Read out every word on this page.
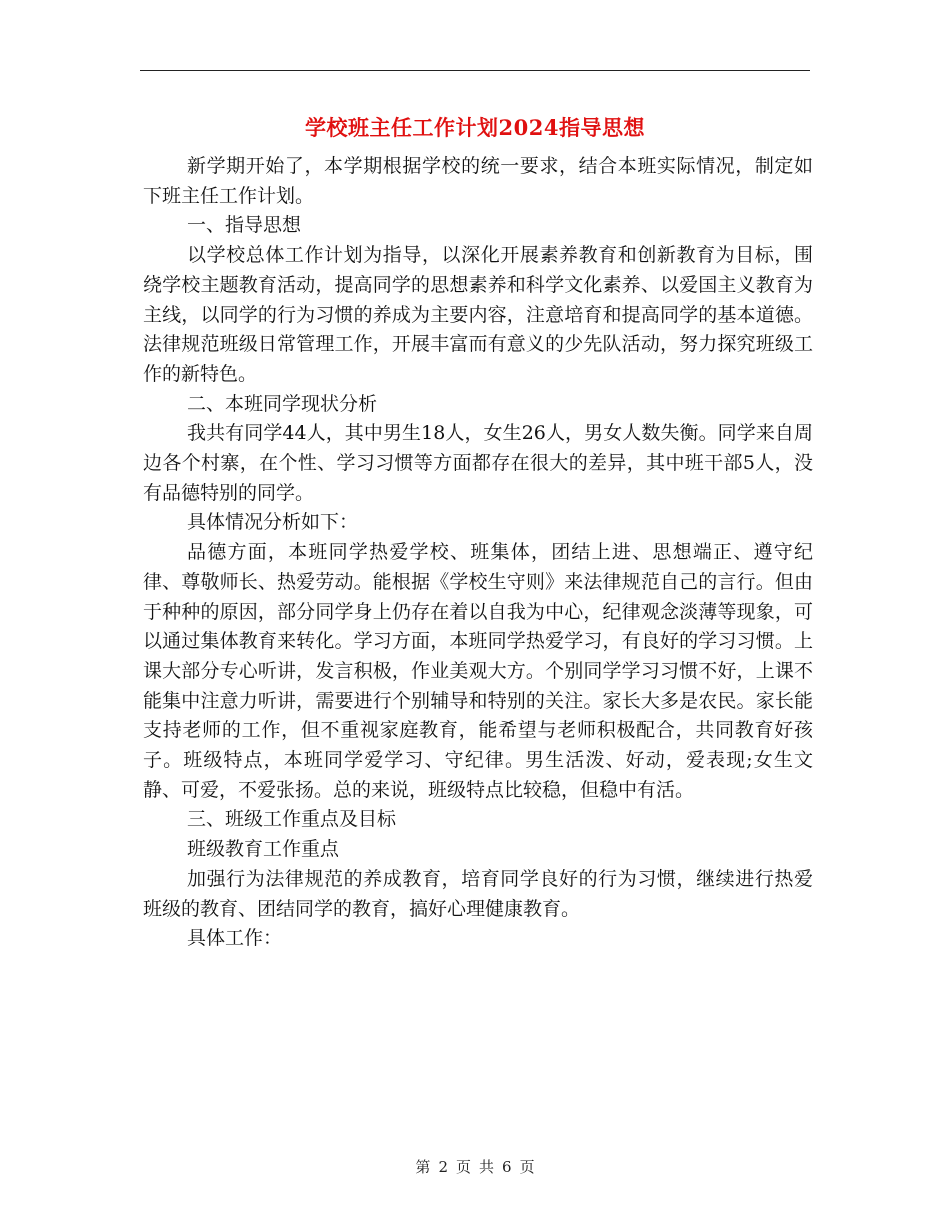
学校班主任工作计划2024指导思想

新学期开始了，本学期根据学校的统一要求，结合本班实际情况，制定如下班主任工作计划。

一、指导思想

以学校总体工作计划为指导，以深化开展素养教育和创新教育为目标，围绕学校主题教育活动，提高同学的思想素养和科学文化素养、以爱国主义教育为主线，以同学的行为习惯的养成为主要内容，注意培育和提高同学的基本道德。法律规范班级日常管理工作，开展丰富而有意义的少先队活动，努力探究班级工作的新特色。

二、本班同学现状分析

我共有同学44人，其中男生18人，女生26人，男女人数失衡。同学来自周边各个村寨，在个性、学习习惯等方面都存在很大的差异，其中班干部5人，没有品德特别的同学。

具体情况分析如下：

品德方面，本班同学热爱学校、班集体，团结上进、思想端正、遵守纪律、尊敬师长、热爱劳动。能根据《学校生守则》来法律规范自己的言行。但由于种种的原因，部分同学身上仍存在着以自我为中心，纪律观念淡薄等现象，可以通过集体教育来转化。学习方面，本班同学热爱学习，有良好的学习习惯。上课大部分专心听讲，发言积极，作业美观大方。个别同学学习习惯不好，上课不能集中注意力听讲，需要进行个别辅导和特别的关注。家长大多是农民。家长能支持老师的工作，但不重视家庭教育，能希望与老师积极配合，共同教育好孩子。班级特点，本班同学爱学习、守纪律。男生活泼、好动，爱表现;女生文静、可爱，不爱张扬。总的来说，班级特点比较稳，但稳中有活。

三、班级工作重点及目标

班级教育工作重点

加强行为法律规范的养成教育，培育同学良好的行为习惯，继续进行热爱班级的教育、团结同学的教育，搞好心理健康教育。

具体工作：

第 2 页 共 6 页
